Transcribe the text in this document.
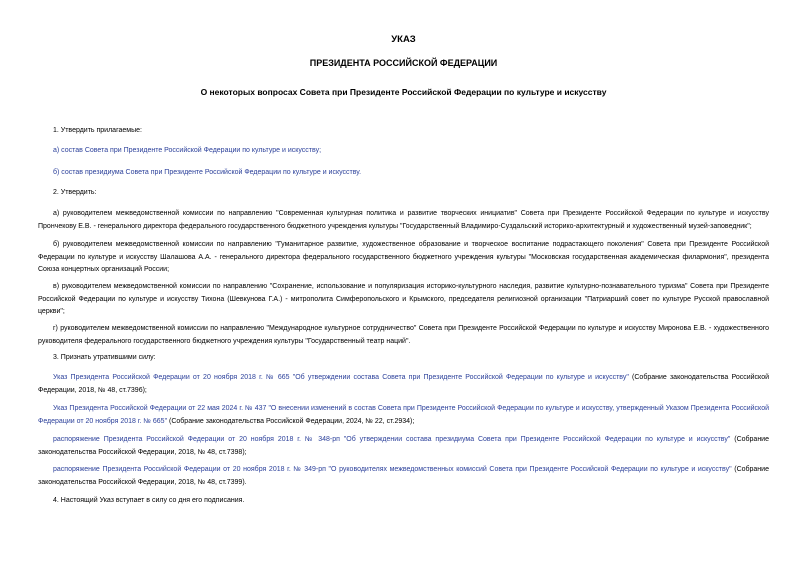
УКАЗ
ПРЕЗИДЕНТА РОССИЙСКОЙ ФЕДЕРАЦИИ
О некоторых вопросах Совета при Президенте Российской Федерации по культуре и искусству
1. Утвердить прилагаемые:
а) состав Совета при Президенте Российской Федерации по культуре и искусству;
б) состав президиума Совета при Президенте Российской Федерации по культуре и искусству.
2. Утвердить:
а) руководителем межведомственной комиссии по направлению "Современная культурная политика и развитие творческих инициатив" Совета при Президенте Российской Федерации по культуре и искусству Прончекову Е.В. - генерального директора федерального государственного бюджетного учреждения культуры "Государственный Владимиро-Суздальский историко-архитектурный и художественный музей-заповедник";
б) руководителем межведомственной комиссии по направлению "Гуманитарное развитие, художественное образование и творческое воспитание подрастающего поколения" Совета при Президенте Российской Федерации по культуре и искусству Шалашова А.А. - генерального директора федерального государственного бюджетного учреждения культуры "Московская государственная академическая филармония", президента Союза концертных организаций России;
в) руководителем межведомственной комиссии по направлению "Сохранение, использование и популяризация историко-культурного наследия, развитие культурно-познавательного туризма" Совета при Президенте Российской Федерации по культуре и искусству Тихона (Шевкунова Г.А.) - митрополита Симферопольского и Крымского, председателя религиозной организации "Патриарший совет по культуре Русской православной церкви";
г) руководителем межведомственной комиссии по направлению "Международное культурное сотрудничество" Совета при Президенте Российской Федерации по культуре и искусству Миронова Е.В. - художественного руководителя федерального государственного бюджетного учреждения культуры "Государственный театр наций".
3. Признать утратившими силу:
Указ Президента Российской Федерации от 20 ноября 2018 г. № 665 "Об утверждении состава Совета при Президенте Российской Федерации по культуре и искусству" (Собрание законодательства Российской Федерации, 2018, № 48, ст.7396);
Указ Президента Российской Федерации от 22 мая 2024 г. № 437 "О внесении изменений в состав Совета при Президенте Российской Федерации по культуре и искусству, утвержденный Указом Президента Российской Федерации от 20 ноября 2018 г. № 665" (Собрание законодательства Российской Федерации, 2024, № 22, ст.2934);
распоряжение Президента Российской Федерации от 20 ноября 2018 г. № 348-рп "Об утверждении состава президиума Совета при Президенте Российской Федерации по культуре и искусству" (Собрание законодательства Российской Федерации, 2018, № 48, ст.7398);
распоряжение Президента Российской Федерации от 20 ноября 2018 г. № 349-рп "О руководителях межведомственных комиссий Совета при Президенте Российской Федерации по культуре и искусству" (Собрание законодательства Российской Федерации, 2018, № 48, ст.7399).
4. Настоящий Указ вступает в силу со дня его подписания.
